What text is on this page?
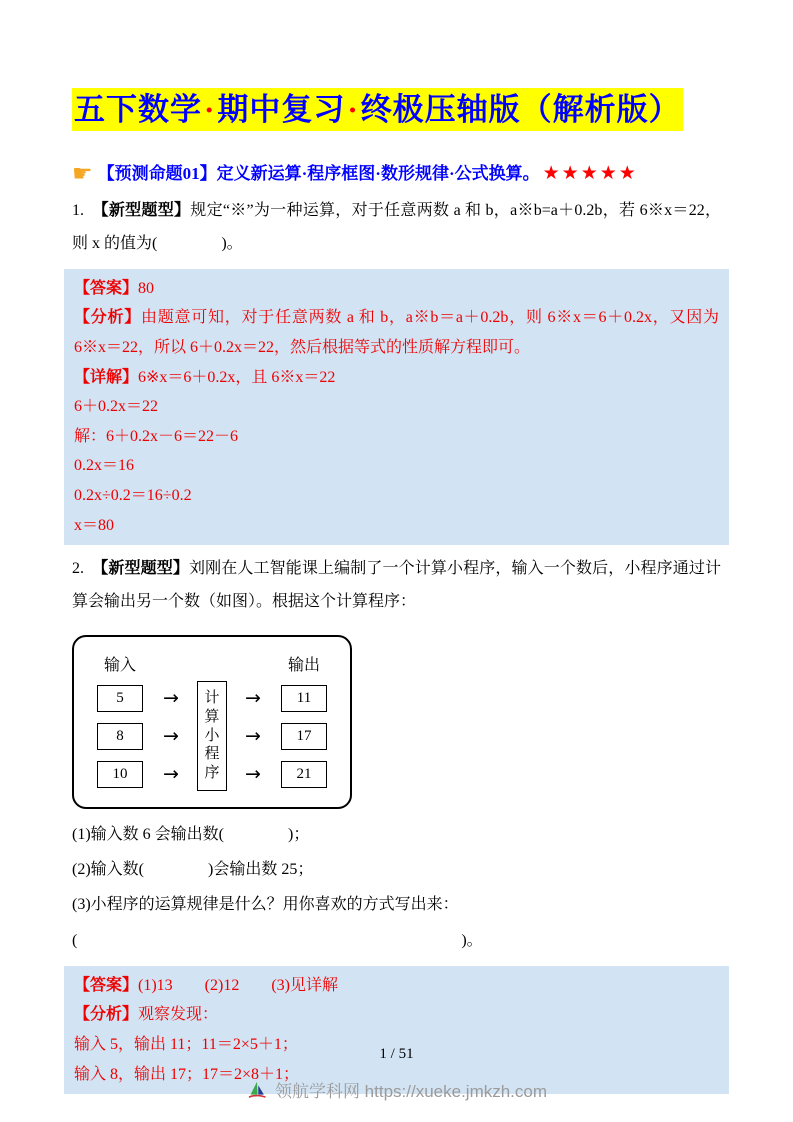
五下数学·期中复习·终极压轴版（解析版）
☛ 【预测命题01】定义新运算·程序框图·数形规律·公式换算。 ★★★★★

1.　 【新型题型】规定“※”为一种运算，对于任意两数 a 和 b，a※b=a＋0.2b，若 6※x＝22，则 x 的值为(　　　　)。

【答案】80

【分析】由题意可知，对于任意两数 a 和 b，a※b＝a＋0.2b，则 6※x＝6＋0.2x，又因为 6※x＝22，所以 6＋0.2x＝22，然后根据等式的性质解方程即可。

【详解】6※x＝6＋0.2x，且 6※x＝22

6＋0.2x＝22

解：6＋0.2x－6＝22－6

0.2x＝16

0.2x÷0.2＝16÷0.2

x＝80

2.　 【新型题型】刘刚在人工智能课上编制了一个计算小程序，输入一个数后，小程序通过计算会输出另一个数（如图）。根据这个计算程序：

输入	输出
5	→	→	11
8	→	→	17
10	→	→	21
计算小程序

(1)输入数 6 会输出数(　　　　)；

(2)输入数(　　　　)会输出数 25；

(3)小程序的运算规律是什么？用你喜欢的方式写出来：

(　　　　　　　　　　　　　　　　　　　　　　　　)。

【答案】(1)13　　(2)12　　(3)见详解

【分析】观察发现：

输入 5，输出 11；11＝2×5＋1；

输入 8，输出 17；17＝2×8＋1；

1 / 51
领航学科网 https://xueke.jmkzh.com
